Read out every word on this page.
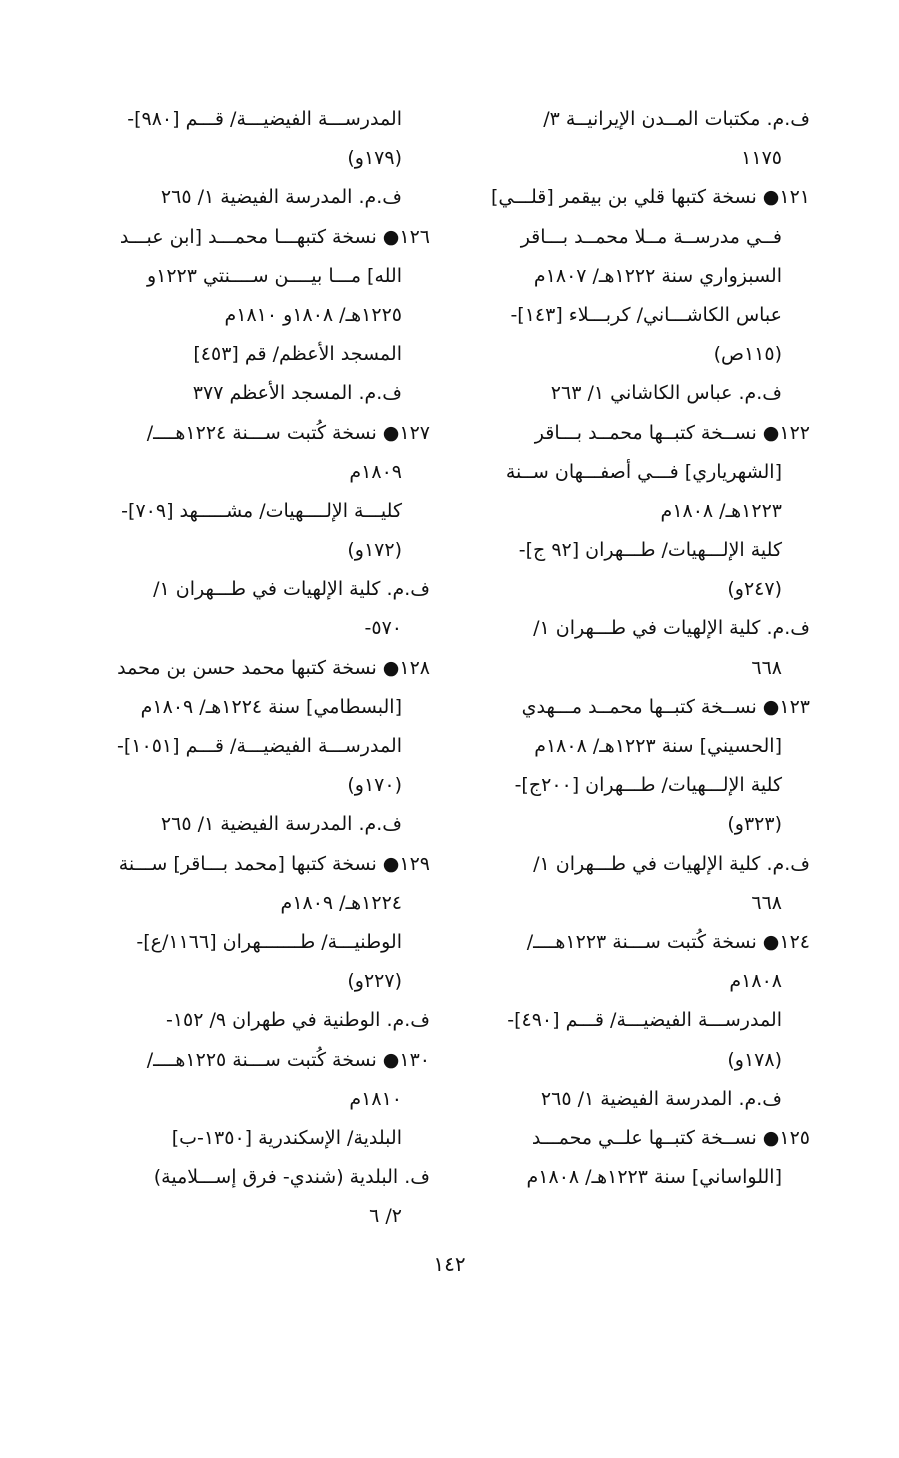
ف.م. مكتبات المــدن الإيرانيــة ٣/
١١٧٥
١٢١● نسخة كتبها قلي بن بيقمر [قلـــي]
فــي مدرســة مــلا محمــد بـــاقر
السبزواري سنة ١٢٢٢هـ/ ١٨٠٧م
عباس الكاشـــاني/ كربـــلاء [١٤٣]-
(١١٥ص)
ف.م. عباس الكاشاني ١/ ٢٦٣
١٢٢● نســخة كتبــها محمــد بـــاقر
[الشهرياري] فـــي أصفـــهان ســنة
١٢٢٣هـ/ ١٨٠٨م
كلية الإلـــهيات/ طـــهران [٩٢ ج]-
(٢٤٧و)
ف.م. كلية الإلهيات في طـــهران ١/
٦٦٨
١٢٣● نســخة كتبــها محمــد مـــهدي
[الحسيني] سنة ١٢٢٣هـ/ ١٨٠٨م
كلية الإلـــهيات/ طـــهران [٢٠٠ج]-
(٣٢٣و)
ف.م. كلية الإلهيات في طـــهران ١/
٦٦٨
١٢٤● نسخة كُتبت ســـنة ١٢٢٣هــــ/
١٨٠٨م
المدرســـة الفيضيـــة/ قـــم [٤٩٠]-
(١٧٨و)
ف.م. المدرسة الفيضية ١/ ٢٦٥
١٢٥● نســخة كتبــها علــي محمـــد
[اللواساني] سنة ١٢٢٣هـ/ ١٨٠٨م
المدرســـة الفيضيـــة/ قـــم [٩٨٠]-
(١٧٩و)
ف.م. المدرسة الفيضية ١/ ٢٦٥
١٢٦● نسخة كتبهـــا محمـــد [ابن عبـــد
الله] مـــا بيــــن ســــنتي ١٢٢٣و
١٢٢٥هـ/ ١٨٠٨و ١٨١٠م
المسجد الأعظم/ قم [٤٥٣]
ف.م. المسجد الأعظم ٣٧٧
١٢٧● نسخة كُتبت ســـنة ١٢٢٤هــــ/
١٨٠٩م
كليـــة الإلــــهيات/ مشـــــهد [٧٠٩]-
(١٧٢و)
ف.م. كلية الإلهيات في طـــهران ١/
٥٧٠-
١٢٨● نسخة كتبها محمد حسن بن محمد
[البسطامي] سنة ١٢٢٤هـ/ ١٨٠٩م
المدرســـة الفيضيـــة/ قـــم [١٠٥١]-
(١٧٠و)
ف.م. المدرسة الفيضية ١/ ٢٦٥
١٢٩● نسخة كتبها [محمد بـــاقر] ســـنة
١٢٢٤هـ/ ١٨٠٩م
الوطنيـــة/ طـــــــهران [١١٦٦/ع]-
(٢٢٧و)
ف.م. الوطنية في طهران ٩/ ١٥٢-
١٣٠● نسخة كُتبت ســـنة ١٢٢٥هــــ/
١٨١٠م
البلدية/ الإسكندرية [١٣٥٠-ب]
ف. البلدية (شندي- فرق إســـلامية)
٢/ ٦
١٤٢
